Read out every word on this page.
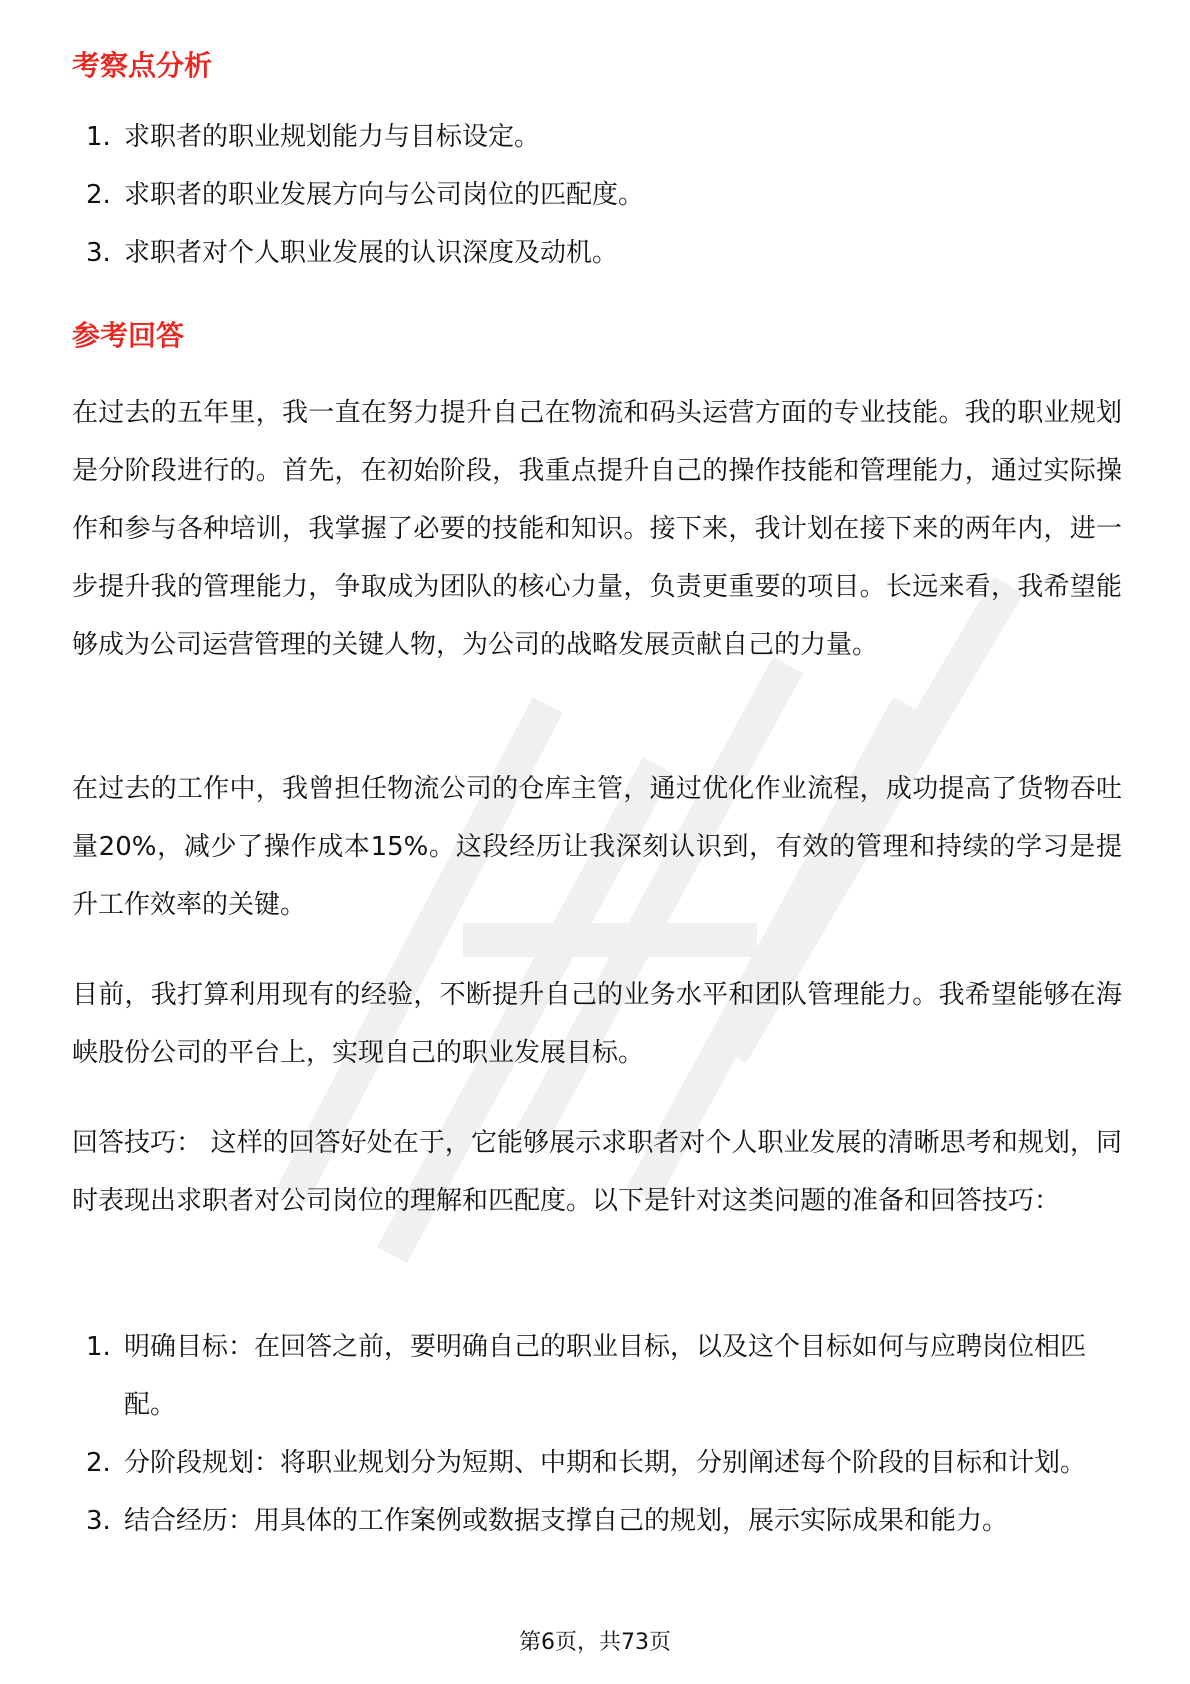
考察点分析
1. 求职者的职业规划能力与目标设定。
2. 求职者的职业发展方向与公司岗位的匹配度。
3. 求职者对个人职业发展的认识深度及动机。
参考回答

在过去的五年里，我一直在努力提升自己在物流和码头运营方面的专业技能。我的职业规划是分阶段进行的。首先，在初始阶段，我重点提升自己的操作技能和管理能力，通过实际操作和参与各种培训，我掌握了必要的技能和知识。接下来，我计划在接下来的两年内，进一步提升我的管理能力，争取成为团队的核心力量，负责更重要的项目。长远来看，我希望能够成为公司运营管理的关键人物，为公司的战略发展贡献自己的力量。

在过去的工作中，我曾担任物流公司的仓库主管，通过优化作业流程，成功提高了货物吞吐量20%，减少了操作成本15%。这段经历让我深刻认识到，有效的管理和持续的学习是提升工作效率的关键。

目前，我打算利用现有的经验，不断提升自己的业务水平和团队管理能力。我希望能够在海峡股份公司的平台上，实现自己的职业发展目标。

回答技巧： 这样的回答好处在于，它能够展示求职者对个人职业发展的清晰思考和规划，同时表现出求职者对公司岗位的理解和匹配度。以下是针对这类问题的准备和回答技巧：

1. 明确目标：在回答之前，要明确自己的职业目标，以及这个目标如何与应聘岗位相匹配。
2. 分阶段规划：将职业规划分为短期、中期和长期，分别阐述每个阶段的目标和计划。
3. 结合经历：用具体的工作案例或数据支撑自己的规划，展示实际成果和能力。
第6页，共73页
